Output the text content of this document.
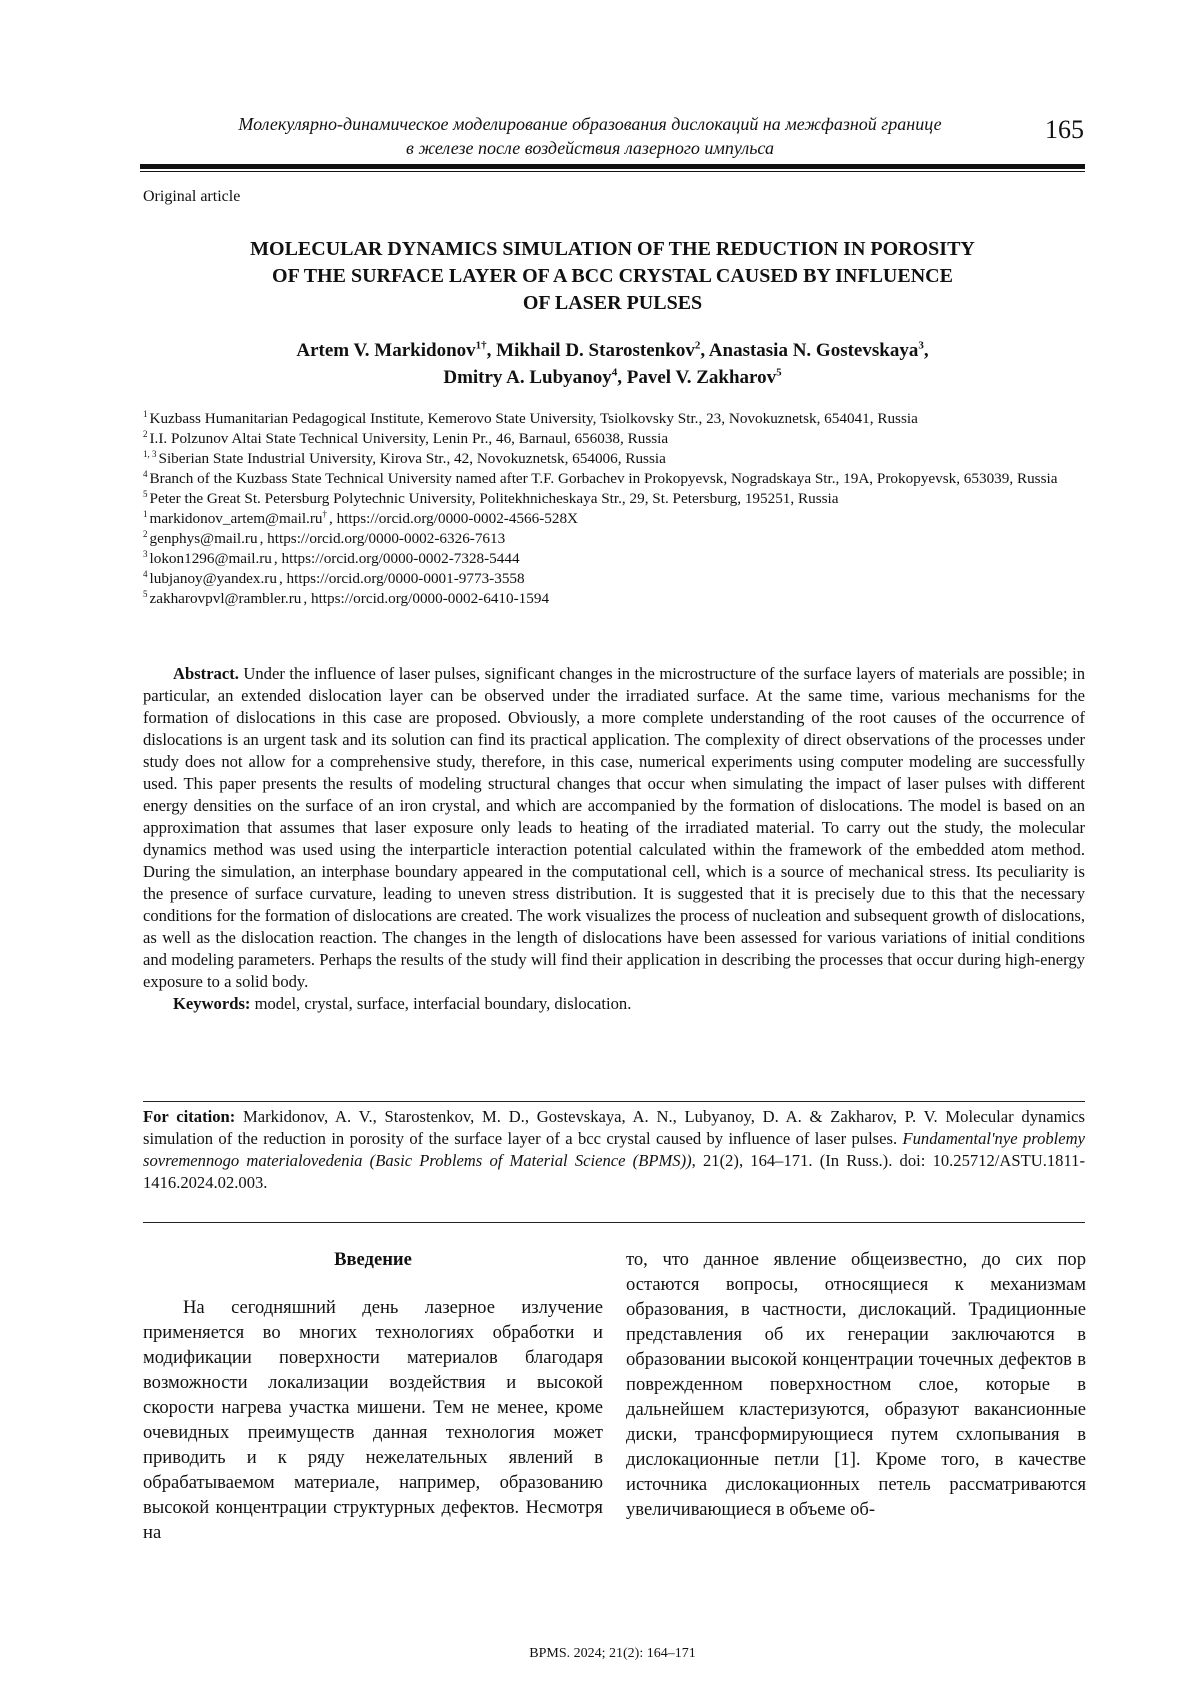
Молекулярно-динамическое моделирование образования дислокаций на межфазной границе
в железе после воздействия лазерного импульса
165
Original article
MOLECULAR DYNAMICS SIMULATION OF THE REDUCTION IN POROSITY
OF THE SURFACE LAYER OF A BCC CRYSTAL CAUSED BY INFLUENCE
OF LASER PULSES
Artem V. Markidonov$^{1\dagger}$, Mikhail D. Starostenkov$^2$, Anastasia N. Gostevskaya$^3$,
Dmitry A. Lubyanoy$^4$, Pavel V. Zakharov$^5$
$^1$ Kuzbass Humanitarian Pedagogical Institute, Kemerovo State University, Tsiolkovsky Str., 23, Novokuznetsk, 654041, Russia
$^2$ I.I. Polzunov Altai State Technical University, Lenin Pr., 46, Barnaul, 656038, Russia
$^{1, 3}$ Siberian State Industrial University, Kirova Str., 42, Novokuznetsk, 654006, Russia
$^4$ Branch of the Kuzbass State Technical University named after T.F. Gorbachev in Prokopyevsk, Nogradskaya Str., 19A, Prokopyevsk, 653039, Russia
$^5$ Peter the Great St. Petersburg Polytechnic University, Politekhnicheskaya Str., 29, St. Petersburg, 195251, Russia
$^1$ markidonov_artem@mail.ru† , https://orcid.org/0000-0002-4566-528X
$^2$ genphys@mail.ru , https://orcid.org/0000-0002-6326-7613
$^3$ lokon1296@mail.ru , https://orcid.org/0000-0002-7328-5444
$^4$ lubjanoy@yandex.ru , https://orcid.org/0000-0001-9773-3558
$^5$ zakharovpvl@rambler.ru , https://orcid.org/0000-0002-6410-1594

Abstract. Under the influence of laser pulses, significant changes in the microstructure of the surface layers of materials are possible; in particular, an extended dislocation layer can be observed under the irradiated surface. At the same time, various mechanisms for the formation of dislocations in this case are proposed. Obviously, a more complete understanding of the root causes of the occurrence of dislocations is an urgent task and its solution can find its practical application. The complexity of direct observations of the processes under study does not allow for a comprehensive study, therefore, in this case, numerical experiments using computer modeling are successfully used. This paper presents the results of modeling structural changes that occur when simulating the impact of laser pulses with different energy densities on the surface of an iron crystal, and which are accompanied by the formation of dislocations. The model is based on an approximation that assumes that laser exposure only leads to heating of the irradiated material. To carry out the study, the molecular dynamics method was used using the interparticle interaction potential calculated within the framework of the embedded atom method. During the simulation, an interphase boundary appeared in the computational cell, which is a source of mechanical stress. Its peculiarity is the presence of surface curvature, leading to uneven stress distribution. It is suggested that it is precisely due to this that the necessary conditions for the formation of dislocations are created. The work visualizes the process of nucleation and subsequent growth of dislocations, as well as the dislocation reaction. The changes in the length of dislocations have been assessed for various variations of initial conditions and modeling parameters. Perhaps the results of the study will find their application in describing the processes that occur during high-energy exposure to a solid body.

Keywords: model, crystal, surface, interfacial boundary, dislocation.

For citation: Markidonov, A. V., Starostenkov, M. D., Gostevskaya, A. N., Lubyanoy, D. A. & Zakharov, P. V. Molecular dynamics simulation of the reduction in porosity of the surface layer of a bcc crystal caused by influence of laser pulses. Fundamental'nye problemy sovremennogo materialovedenia (Basic Problems of Material Science (BPMS)), 21(2), 164–171. (In Russ.). doi: 10.25712/ASTU.1811-1416.2024.02.003.
Введение

На сегодняшний день лазерное излучение применяется во многих технологиях обработки и модификации поверхности материалов благодаря возможности локализации воздействия и высокой скорости нагрева участка мишени. Тем не менее, кроме очевидных преимуществ данная технология может приводить и к ряду нежелательных явлений в обрабатываемом материале, например, образованию высокой концентрации структурных дефектов. Несмотря на

то, что данное явление общеизвестно, до сих пор остаются вопросы, относящиеся к механизмам образования, в частности, дислокаций. Традиционные представления об их генерации заключаются в образовании высокой концентрации точечных дефектов в поврежденном поверхностном слое, которые в дальнейшем кластеризуются, образуют вакансионные диски, трансформирующиеся путем схлопывания в дислокационные петли [1]. Кроме того, в качестве источника дислокационных петель рассматриваются увеличивающиеся в объеме об-

BPMS. 2024; 21(2): 164–171
